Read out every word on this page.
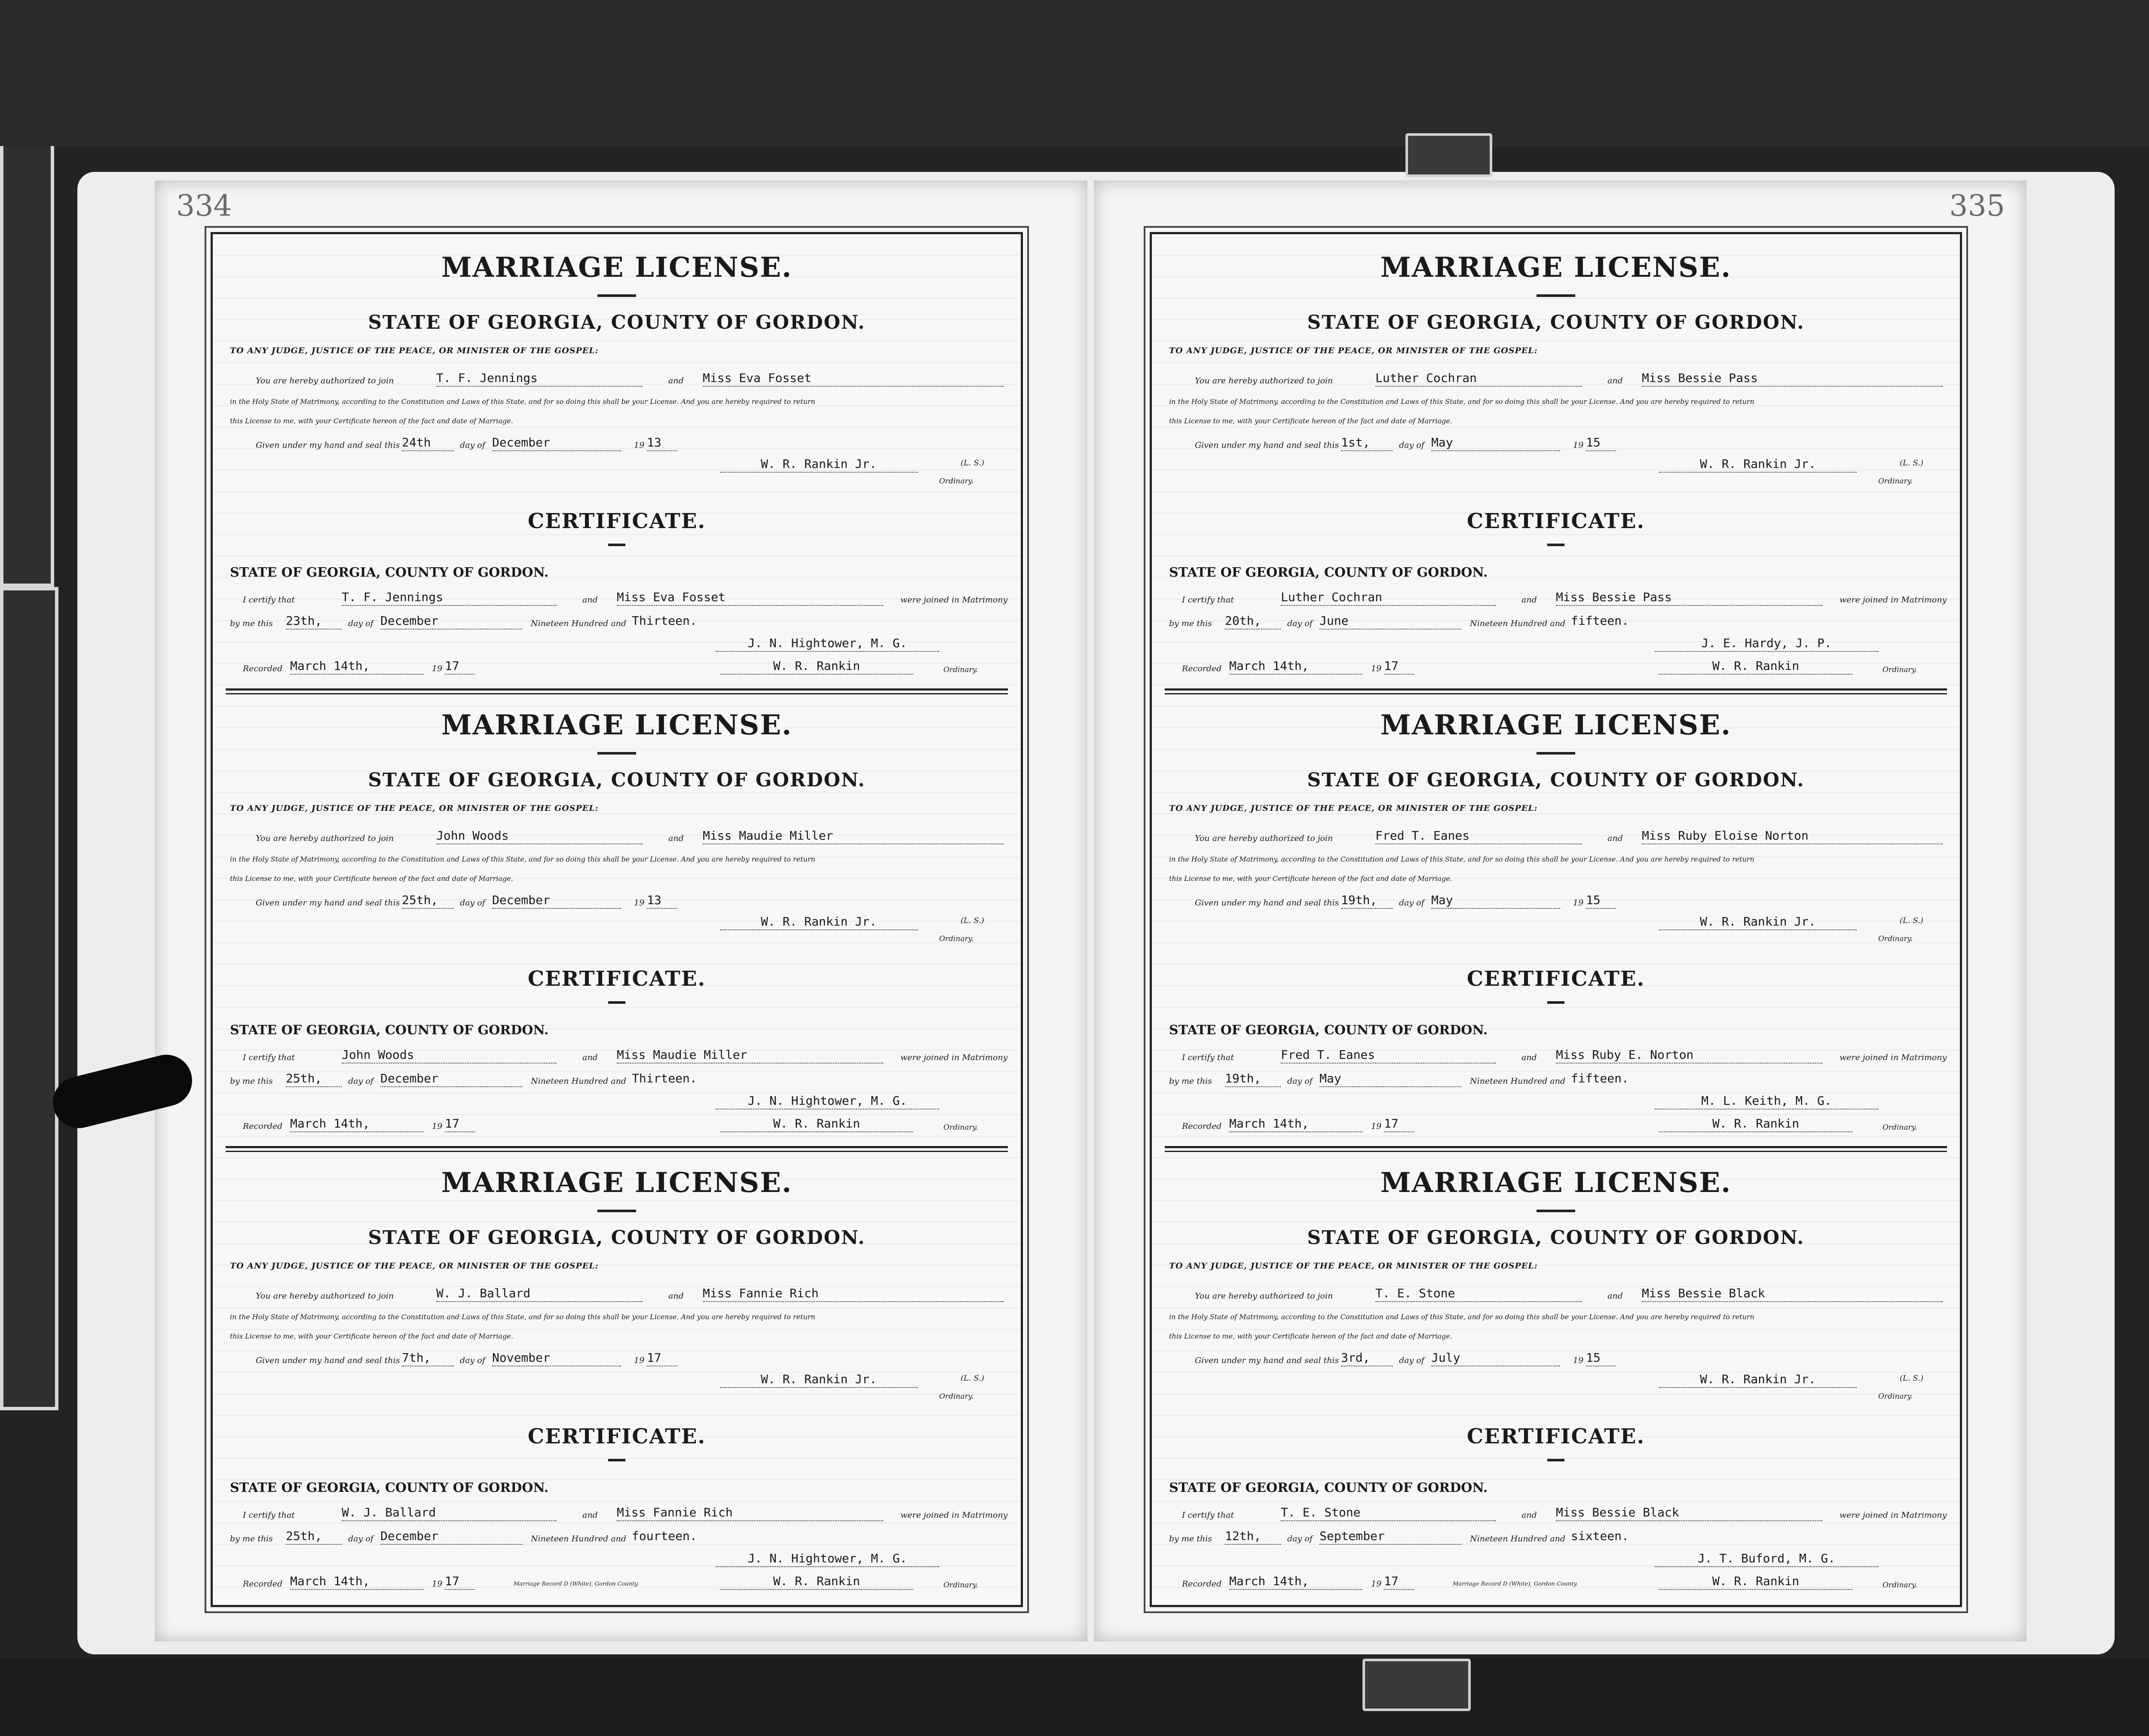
334
MARRIAGE LICENSE.
STATE OF GEORGIA, COUNTY OF GORDON.
TO ANY JUDGE, JUSTICE OF THE PEACE, OR MINISTER OF THE GOSPEL:
You are hereby authorized to join	T. F. Jennings	and Miss Eva Fosset
in the Holy State of Matrimony, according to the Constitution and Laws of this State, and for so doing this shall be your License. And you are hereby required to return
this License to me, with your Certificate hereon of the fact and date of Marriage.
Given under my hand and seal this 24th	day of December	19 13
W. R. Rankin Jr.	(L. S.)
Ordinary.
CERTIFICATE.
STATE OF GEORGIA, COUNTY OF GORDON.
I certify that	T. F. Jennings	and Miss Eva Fosset	were joined in Matrimony
by me this 23th,	day of December	Nineteen Hundred and Thirteen.
J. N. Hightower, M. G.
Recorded March 14th,	19 17	W. R. Rankin	Ordinary.
MARRIAGE LICENSE.
STATE OF GEORGIA, COUNTY OF GORDON.
TO ANY JUDGE, JUSTICE OF THE PEACE, OR MINISTER OF THE GOSPEL:
You are hereby authorized to join	John Woods	and Miss Maudie Miller
in the Holy State of Matrimony, according to the Constitution and Laws of this State, and for so doing this shall be your License. And you are hereby required to return
this License to me, with your Certificate hereon of the fact and date of Marriage.
Given under my hand and seal this 25th,	day of December	19 13
W. R. Rankin Jr.	(L. S.)
Ordinary.
CERTIFICATE.
STATE OF GEORGIA, COUNTY OF GORDON.
I certify that	John Woods	and Miss Maudie Miller	were joined in Matrimony
by me this 25th,	day of December	Nineteen Hundred and Thirteen.
J. N. Hightower, M. G.
Recorded March 14th,	19 17	W. R. Rankin	Ordinary.
MARRIAGE LICENSE.
STATE OF GEORGIA, COUNTY OF GORDON.
TO ANY JUDGE, JUSTICE OF THE PEACE, OR MINISTER OF THE GOSPEL:
You are hereby authorized to join	W. J. Ballard	and Miss Fannie Rich
in the Holy State of Matrimony, according to the Constitution and Laws of this State, and for so doing this shall be your License. And you are hereby required to return
this License to me, with your Certificate hereon of the fact and date of Marriage.
Given under my hand and seal this 7th,	day of November	19 17
W. R. Rankin Jr.	(L. S.)
Ordinary.
CERTIFICATE.
STATE OF GEORGIA, COUNTY OF GORDON.
I certify that	W. J. Ballard	and Miss Fannie Rich	were joined in Matrimony
by me this 25th,	day of December	Nineteen Hundred and fourteen.
J. N. Hightower, M. G.
Recorded March 14th,	19 17	Marriage Record D (White), Gordon County.	W. R. Rankin	Ordinary.
335
MARRIAGE LICENSE.
STATE OF GEORGIA, COUNTY OF GORDON.
TO ANY JUDGE, JUSTICE OF THE PEACE, OR MINISTER OF THE GOSPEL:
You are hereby authorized to join	Luther Cochran	and Miss Bessie Pass
in the Holy State of Matrimony, according to the Constitution and Laws of this State, and for so doing this shall be your License. And you are hereby required to return
this License to me, with your Certificate hereon of the fact and date of Marriage.
Given under my hand and seal this 1st,	day of May	19 15
W. R. Rankin Jr.	(L. S.)
Ordinary.
CERTIFICATE.
STATE OF GEORGIA, COUNTY OF GORDON.
I certify that	Luther Cochran	and Miss Bessie Pass	were joined in Matrimony
by me this 20th,	day of June	Nineteen Hundred and fifteen.
J. E. Hardy, J. P.
Recorded March 14th,	19 17	W. R. Rankin	Ordinary.
MARRIAGE LICENSE.
STATE OF GEORGIA, COUNTY OF GORDON.
TO ANY JUDGE, JUSTICE OF THE PEACE, OR MINISTER OF THE GOSPEL:
You are hereby authorized to join	Fred T. Eanes	and Miss Ruby Eloise Norton
in the Holy State of Matrimony, according to the Constitution and Laws of this State, and for so doing this shall be your License. And you are hereby required to return
this License to me, with your Certificate hereon of the fact and date of Marriage.
Given under my hand and seal this 19th,	day of May	19 15
W. R. Rankin Jr.	(L. S.)
Ordinary.
CERTIFICATE.
STATE OF GEORGIA, COUNTY OF GORDON.
I certify that	Fred T. Eanes	and Miss Ruby E. Norton	were joined in Matrimony
by me this 19th,	day of May	Nineteen Hundred and fifteen.
M. L. Keith, M. G.
Recorded March 14th,	19 17	W. R. Rankin	Ordinary.
MARRIAGE LICENSE.
STATE OF GEORGIA, COUNTY OF GORDON.
TO ANY JUDGE, JUSTICE OF THE PEACE, OR MINISTER OF THE GOSPEL:
You are hereby authorized to join	T. E. Stone	and Miss Bessie Black
in the Holy State of Matrimony, according to the Constitution and Laws of this State, and for so doing this shall be your License. And you are hereby required to return
this License to me, with your Certificate hereon of the fact and date of Marriage.
Given under my hand and seal this 3rd,	day of July	19 15
W. R. Rankin Jr.	(L. S.)
Ordinary.
CERTIFICATE.
STATE OF GEORGIA, COUNTY OF GORDON.
I certify that	T. E. Stone	and Miss Bessie Black	were joined in Matrimony
by me this 12th,	day of September	Nineteen Hundred and sixteen.
J. T. Buford, M. G.
Recorded March 14th,	19 17	Marriage Record D (White), Gordon County.	W. R. Rankin	Ordinary.
